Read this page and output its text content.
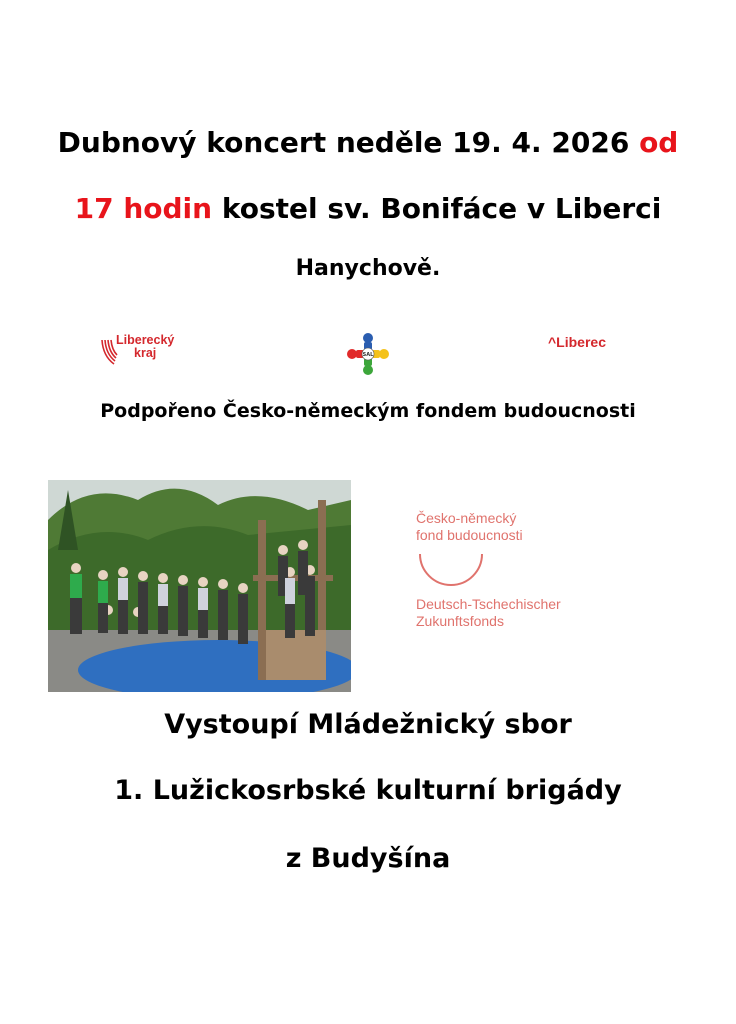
Dubnový koncert neděle 19. 4. 2026 od
17 hodin kostel sv. Bonifáce v Liberci
Hanychově.
Liberecký
kraj	SAL
^Liberec
Podpořeno Česko-německým fondem budoucnosti
Česko-německý
fond budoucnosti
Deutsch-Tschechischer
Zukunftsfonds
Vystoupí Mládežnický sbor
1. Lužickosrbské kulturní brigády
z Budyšína
